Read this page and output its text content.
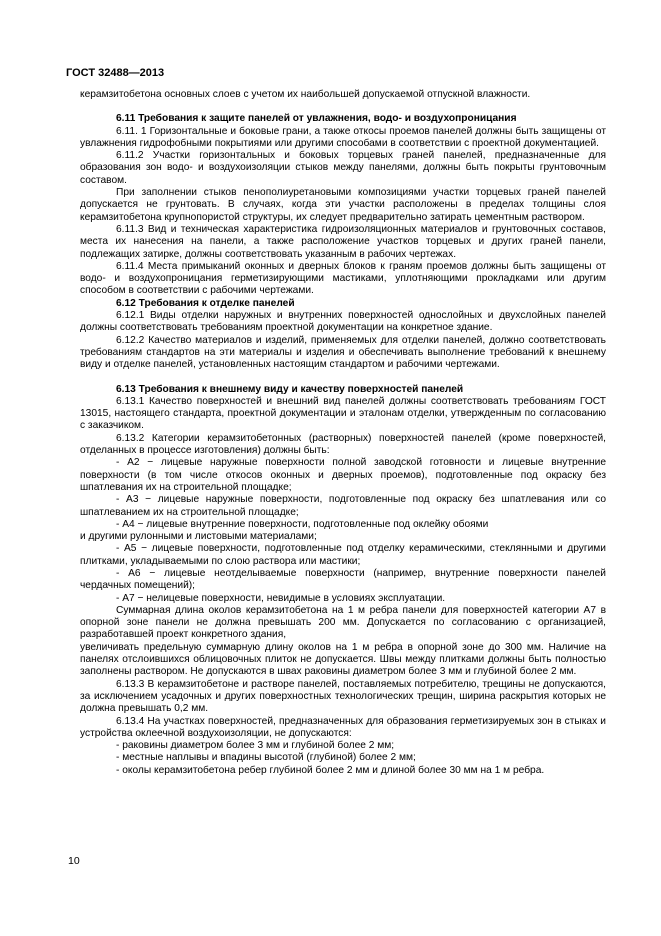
ГОСТ 32488—2013

керамзитобетона основных слоев с учетом их наибольшей допускаемой отпускной влажности.

6.11 Требования к защите панелей от увлажнения, водо- и воздухопроницания

6.11. 1 Горизонтальные и боковые грани, а также откосы проемов панелей должны быть защищены от увлажнения гидрофобными покрытиями или другими способами в соответствии с проектной документацией.

6.11.2 Участки горизонтальных и боковых торцевых граней панелей, предназначенные для образования зон водо- и воздухоизоляции стыков между панелями, должны быть покрыты грунтовочным составом.

При заполнении стыков пенополиуретановыми композициями участки торцевых граней панелей допускается не грунтовать. В случаях, когда эти участки расположены в пределах толщины слоя керамзитобетона крупнопористой структуры, их следует предварительно затирать цементным раствором.

6.11.3 Вид и техническая характеристика гидроизоляционных материалов и грунтовочных составов, места их нанесения на панели, а также расположение участков торцевых и других граней панели, подлежащих затирке, должны соответствовать указанным в рабочих чертежах.

6.11.4 Места примыканий оконных и дверных блоков к граням проемов должны быть защищены от водо- и воздухопроницания герметизирующими мастиками, уплотняющими прокладками или другим способом в соответствии с рабочими чертежами.

6.12 Требования к отделке панелей

6.12.1 Виды отделки наружных и внутренних поверхностей однослойных и двухслойных панелей должны соответствовать требованиям проектной документации на конкретное здание.

6.12.2 Качество материалов и изделий, применяемых для отделки панелей, должно соответствовать требованиям стандартов на эти материалы и изделия и обеспечивать выполнение требований к внешнему виду и отделке панелей, установленных настоящим стандартом и рабочими чертежами.

6.13 Требования к внешнему виду и качеству поверхностей панелей

6.13.1 Качество поверхностей и внешний вид панелей должны соответствовать требованиям ГОСТ 13015, настоящего стандарта, проектной документации и эталонам отделки, утвержденным по согласованию с заказчиком.

6.13.2 Категории керамзитобетонных (растворных) поверхностей панелей (кроме поверхностей, отделанных в процессе изготовления) должны быть:

- А2 − лицевые наружные поверхности полной заводской готовности и лицевые внутренние поверхности (в том числе откосов оконных и дверных проемов), подготовленные под окраску без шпатлевания их на строительной площадке;

- А3 − лицевые наружные поверхности, подготовленные под окраску без шпатлевания или со шпатлеванием их на строительной площадке;

- А4 − лицевые внутренние поверхности, подготовленные под оклейку обоями

и другими рулонными и листовыми материалами;

- А5 − лицевые поверхности, подготовленные под отделку керамическими, стеклянными и другими плитками, укладываемыми по слою раствора или мастики;

- А6 − лицевые неотделываемые поверхности (например, внутренние поверхности панелей чердачных помещений);

- А7 − нелицевые поверхности, невидимые в условиях эксплуатации.

Суммарная длина околов керамзитобетона на 1 м ребра панели для поверхностей категории А7 в опорной зоне панели не должна превышать 200 мм. Допускается по согласованию с организацией, разработавшей проект конкретного здания,

увеличивать предельную суммарную длину околов на 1 м ребра в опорной зоне до 300 мм. Наличие на панелях отслоившихся облицовочных плиток не допускается. Швы между плитками должны быть полностью заполнены раствором. Не допускаются в швах раковины диаметром более 3 мм и глубиной более 2 мм.

6.13.3 В керамзитобетоне и растворе панелей, поставляемых потребителю, трещины не допускаются, за исключением усадочных и других поверхностных технологических трещин, ширина раскрытия которых не должна превышать 0,2 мм.

6.13.4 На участках поверхностей, предназначенных для образования герметизируемых зон в стыках и устройства оклеечной воздухоизоляции, не допускаются:

- раковины диаметром более 3 мм и глубиной более 2 мм;

- местные наплывы и впадины высотой (глубиной) более 2 мм;

- околы керамзитобетона ребер глубиной более 2 мм и длиной более 30 мм на 1 м ребра.

10
